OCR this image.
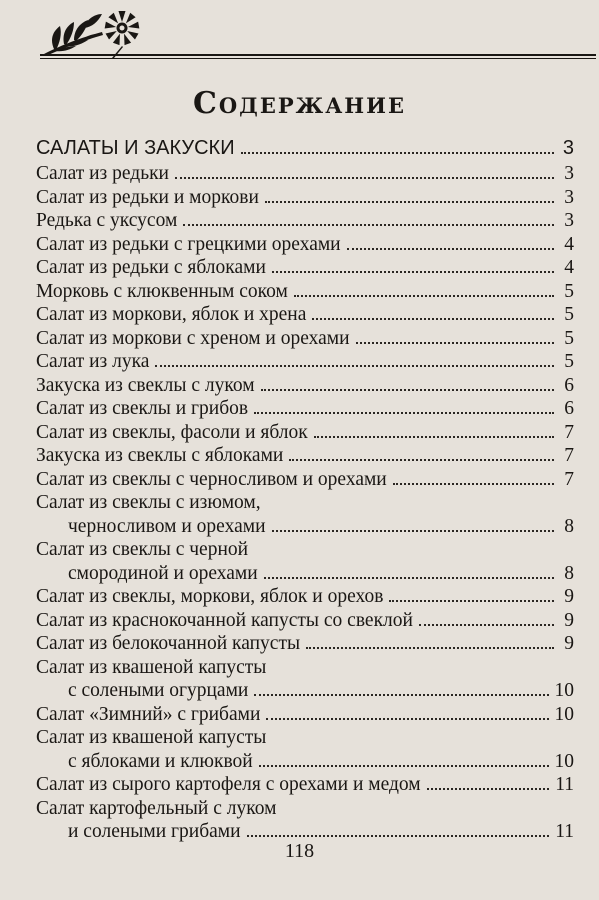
Содержание
САЛАТЫ И ЗАКУСКИ	3
Салат из редьки	3
Салат из редьки и моркови	3
Редька с уксусом	3
Салат из редьки с грецкими орехами	4
Салат из редьки с яблоками	4
Морковь с клюквенным соком	5
Салат из моркови, яблок и хрена	5
Салат из моркови с хреном и орехами	5
Салат из лука	5
Закуска из свеклы с луком	6
Салат из свеклы и грибов	6
Салат из свеклы, фасоли и яблок	7
Закуска из свеклы с яблоками	7
Салат из свеклы с черносливом и орехами	7
Салат из свеклы с изюмом,
черносливом и орехами	8
Салат из свеклы с черной
смородиной и орехами	8
Салат из свеклы, моркови, яблок и орехов	9
Салат из краснокочанной капусты со свеклой	9
Салат из белокочанной капусты	9
Салат из квашеной капусты
с солеными огурцами	10
Салат «Зимний» с грибами	10
Салат из квашеной капусты
с яблоками и клюквой	10
Салат из сырого картофеля с орехами и медом	11
Салат картофельный с луком
и солеными грибами	11
118
